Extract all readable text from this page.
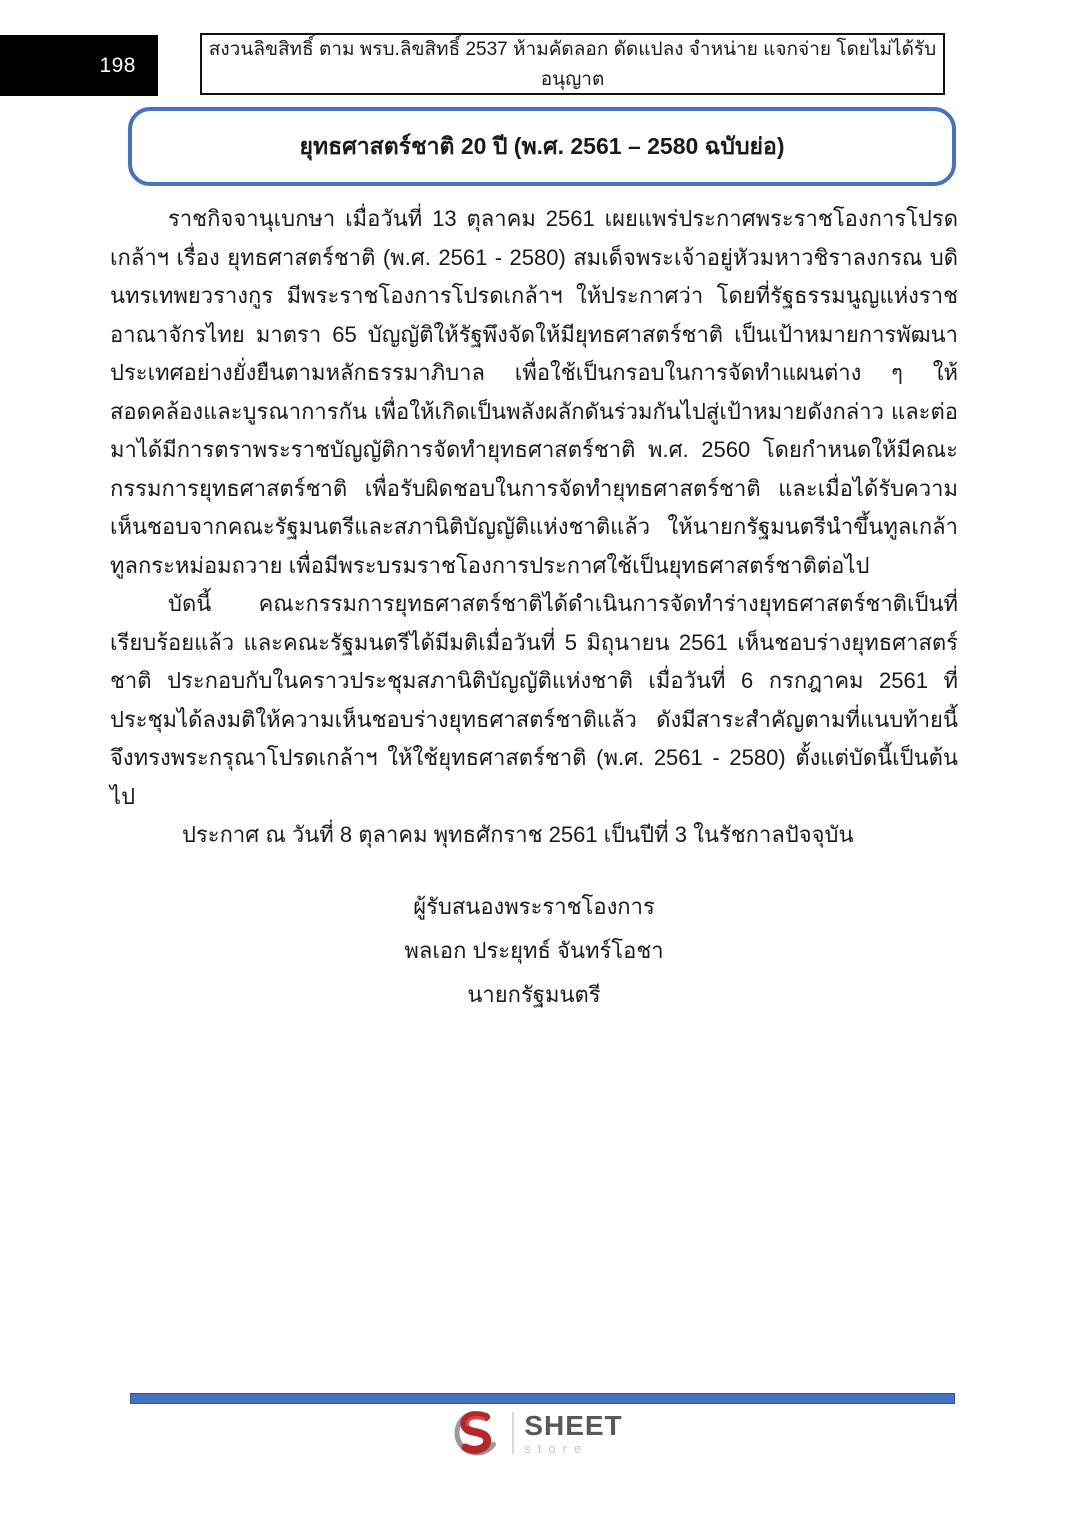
198
สงวนลิขสิทธิ์ ตาม พรบ.ลิขสิทธิ์ 2537 ห้ามคัดลอก ดัดแปลง จำหน่าย แจกจ่าย โดยไม่ได้รับอนุญาต
ยุทธศาสตร์ชาติ 20 ปี (พ.ศ. 2561 – 2580 ฉบับย่อ)

ราชกิจจานุเบกษา เมื่อวันที่ 13 ตุลาคม 2561 เผยแพร่ประกาศพระราชโองการโปรดเกล้าฯ เรื่อง ยุทธศาสตร์ชาติ (พ.ศ. 2561 - 2580) สมเด็จพระเจ้าอยู่หัวมหาวชิราลงกรณ บดินทรเทพยวรางกูร มีพระราชโองการโปรดเกล้าฯ ให้ประกาศว่า โดยที่รัฐธรรมนูญแห่งราชอาณาจักรไทย มาตรา 65 บัญญัติให้รัฐพึงจัดให้มียุทธศาสตร์ชาติ เป็นเป้าหมายการพัฒนาประเทศอย่างยั่งยืนตามหลักธรรมาภิบาล เพื่อใช้เป็นกรอบในการจัดทำแผนต่าง ๆ ให้สอดคล้องและบูรณาการกัน เพื่อให้เกิดเป็นพลังผลักดันร่วมกันไปสู่เป้าหมายดังกล่าว และต่อมาได้มีการตราพระราชบัญญัติการจัดทำยุทธศาสตร์ชาติ พ.ศ. 2560 โดยกำหนดให้มีคณะกรรมการยุทธศาสตร์ชาติ เพื่อรับผิดชอบในการจัดทำยุทธศาสตร์ชาติ และเมื่อได้รับความเห็นชอบจากคณะรัฐมนตรีและสภานิติบัญญัติแห่งชาติแล้ว ให้นายกรัฐมนตรีนำขึ้นทูลเกล้าทูลกระหม่อมถวาย เพื่อมีพระบรมราชโองการประกาศใช้เป็นยุทธศาสตร์ชาติต่อไป

บัดนี้ คณะกรรมการยุทธศาสตร์ชาติได้ดำเนินการจัดทำร่างยุทธศาสตร์ชาติเป็นที่เรียบร้อยแล้ว และคณะรัฐมนตรีได้มีมติเมื่อวันที่ 5 มิถุนายน 2561 เห็นชอบร่างยุทธศาสตร์ชาติ ประกอบกับในคราวประชุมสภานิติบัญญัติแห่งชาติ เมื่อวันที่ 6 กรกฎาคม 2561 ที่ประชุมได้ลงมติให้ความเห็นชอบร่างยุทธศาสตร์ชาติแล้ว ดังมีสาระสำคัญตามที่แนบท้ายนี้ จึงทรงพระกรุณาโปรดเกล้าฯ ให้ใช้ยุทธศาสตร์ชาติ (พ.ศ. 2561 - 2580) ตั้งแต่บัดนี้เป็นต้นไป

ประกาศ ณ วันที่ 8 ตุลาคม พุทธศักราช 2561 เป็นปีที่ 3 ในรัชกาลปัจจุบัน

ผู้รับสนองพระราชโองการ
พลเอก ประยุทธ์ จันทร์โอชา
นายกรัฐมนตรี
SHEET
store
